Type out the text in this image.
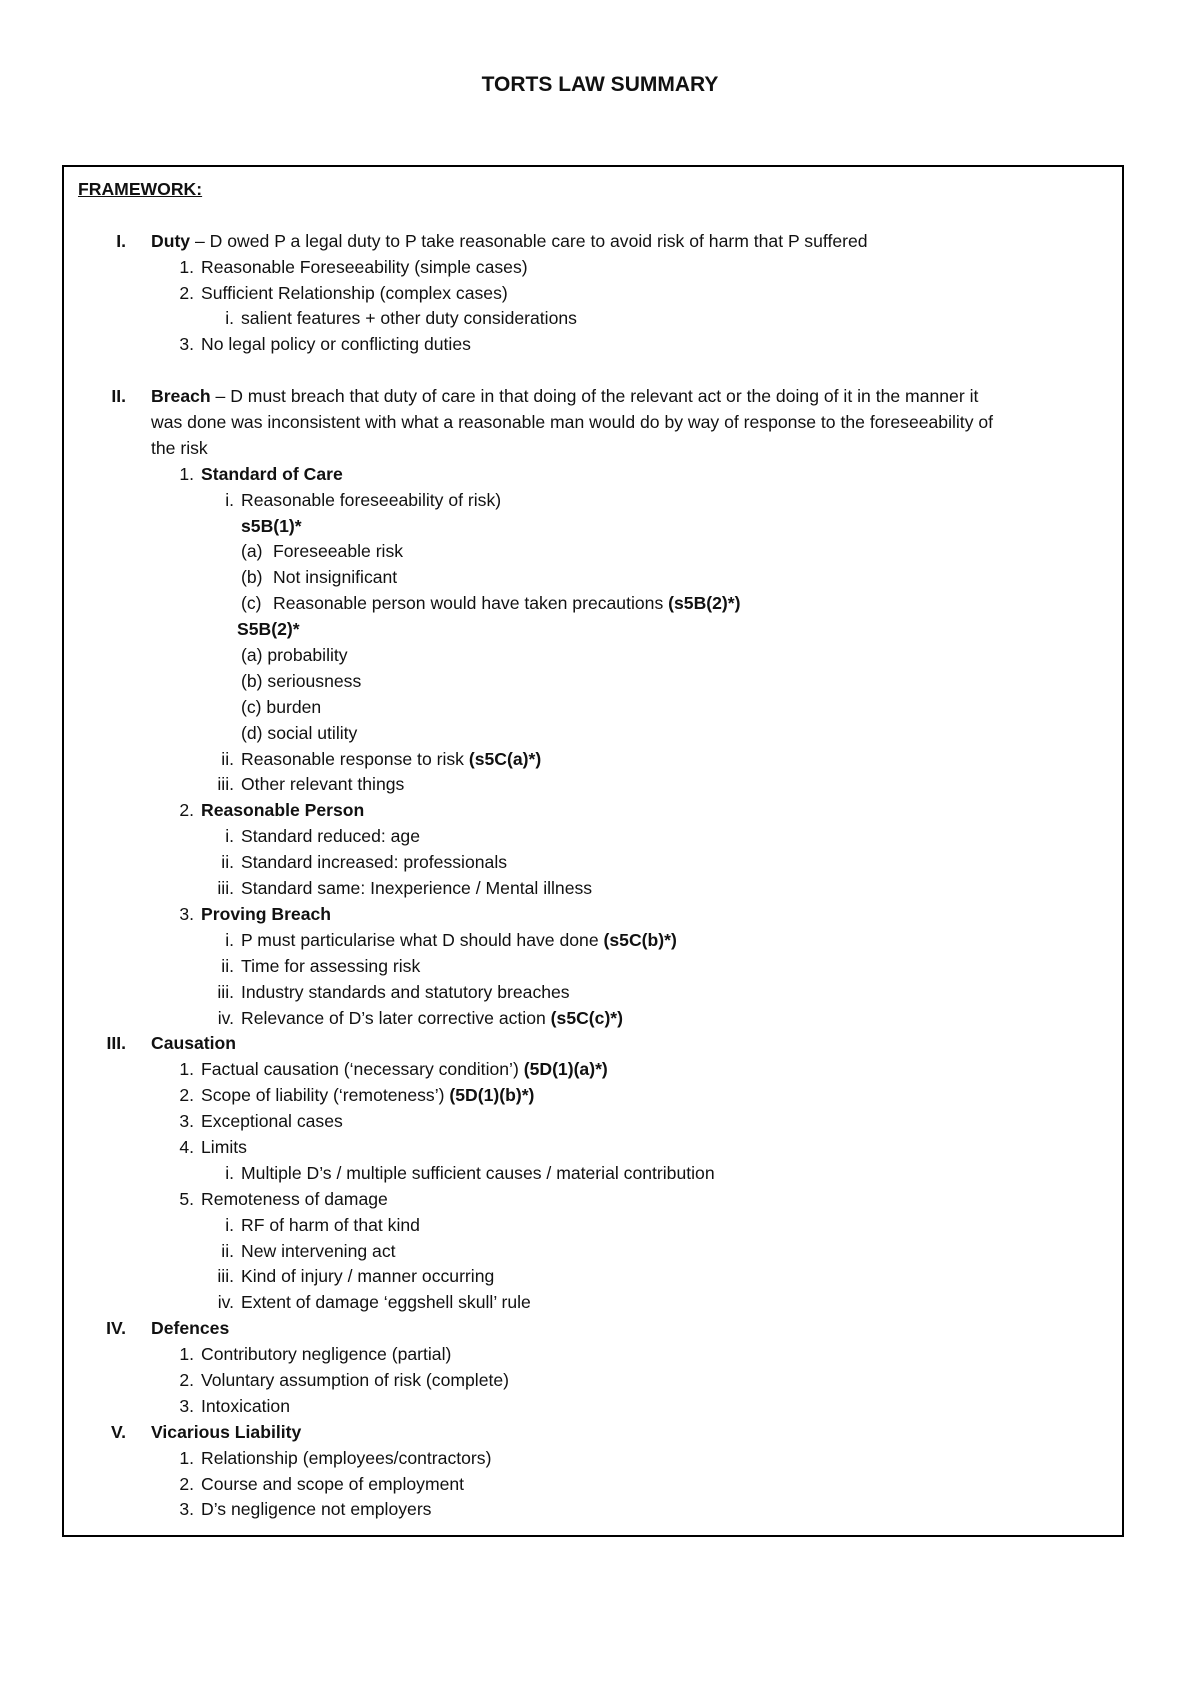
TORTS LAW SUMMARY
FRAMEWORK:
I.	Duty – D owed P a legal duty to P take reasonable care to avoid risk of harm that P suffered
1. Reasonable Foreseeability (simple cases)
2. Sufficient Relationship (complex cases)
i. salient features + other duty considerations
3. No legal policy or conflicting duties
II.	Breach – D must breach that duty of care in that doing of the relevant act or the doing of it in the manner it
was done was inconsistent with what a reasonable man would do by way of response to the foreseeability of
the risk
1. Standard of Care
i. Reasonable foreseeability of risk)
s5B(1)*
(a) Foreseeable risk
(b) Not insignificant
(c) Reasonable person would have taken precautions (s5B(2)*)
S5B(2)*
(a) probability
(b) seriousness
(c) burden
(d) social utility
ii. Reasonable response to risk (s5C(a)*)
iii. Other relevant things
2. Reasonable Person
i. Standard reduced: age
ii. Standard increased: professionals
iii. Standard same: Inexperience / Mental illness
3. Proving Breach
i. P must particularise what D should have done (s5C(b)*)
ii. Time for assessing risk
iii. Industry standards and statutory breaches
iv. Relevance of D’s later corrective action (s5C(c)*)
III.	Causation
1. Factual causation (‘necessary condition’) (5D(1)(a)*)
2. Scope of liability (‘remoteness’) (5D(1)(b)*)
3. Exceptional cases
4. Limits
i. Multiple D’s / multiple sufficient causes / material contribution
5. Remoteness of damage
i. RF of harm of that kind
ii. New intervening act
iii. Kind of injury / manner occurring
iv. Extent of damage ‘eggshell skull’ rule
IV.	Defences
1. Contributory negligence (partial)
2. Voluntary assumption of risk (complete)
3. Intoxication
V.	Vicarious Liability
1. Relationship (employees/contractors)
2. Course and scope of employment
3. D’s negligence not employers
